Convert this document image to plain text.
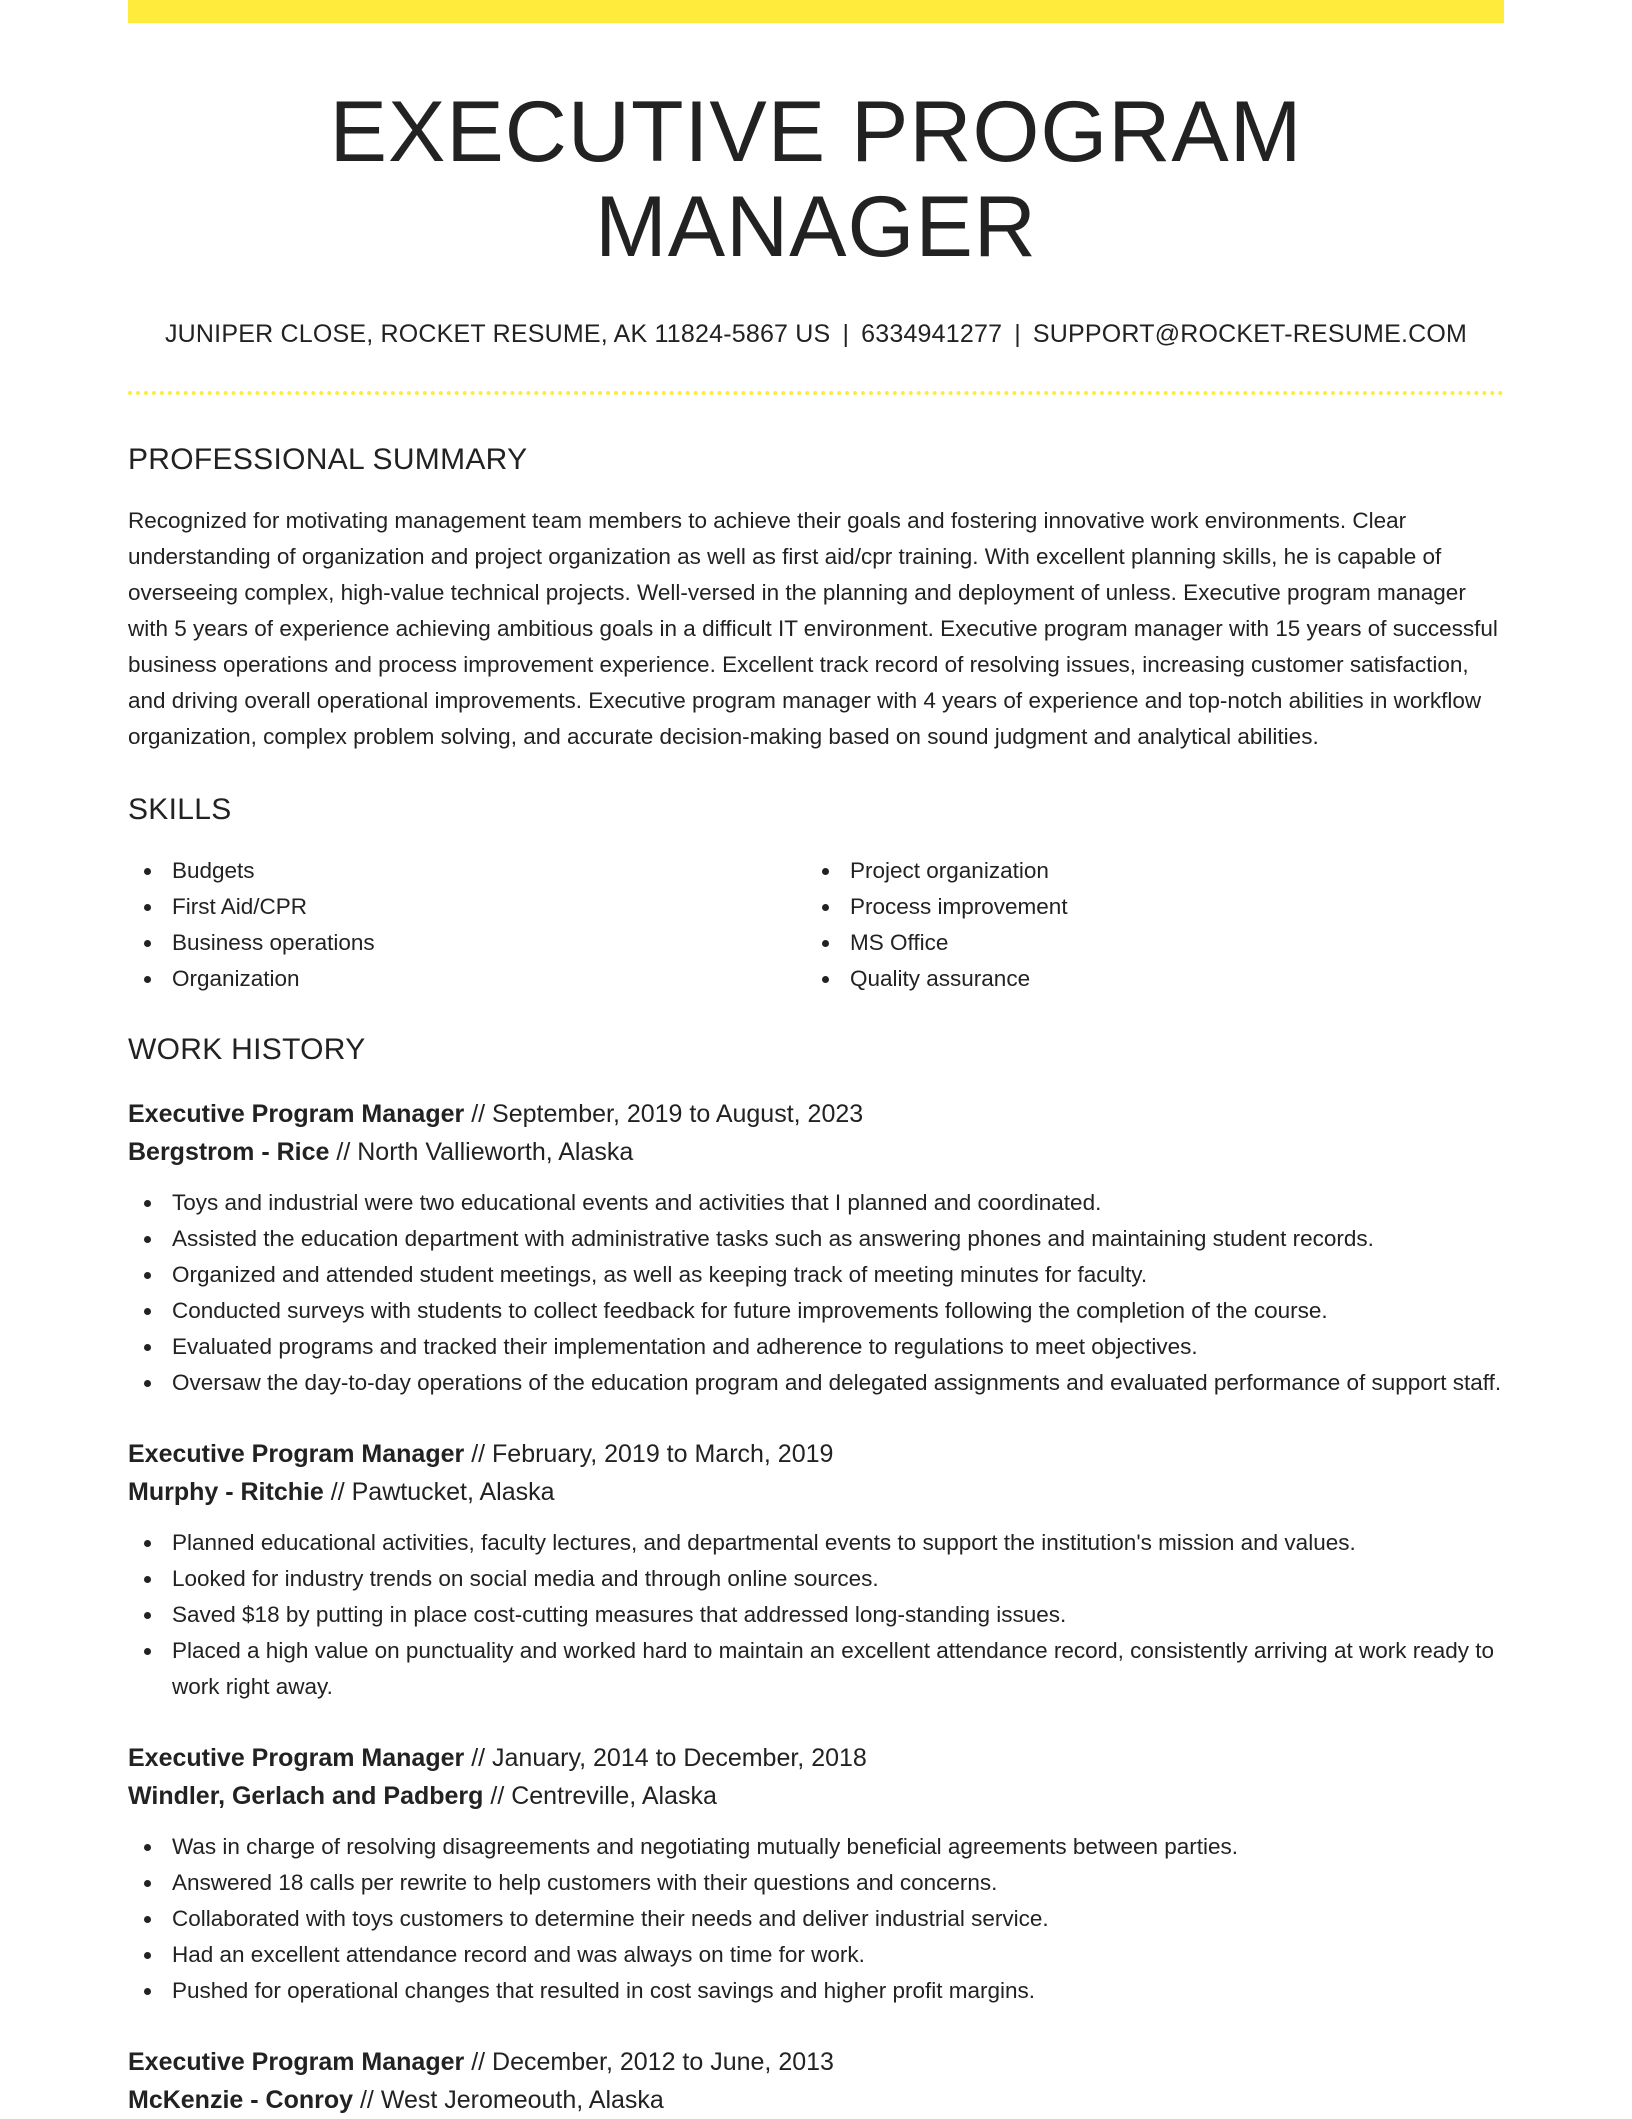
EXECUTIVE PROGRAM MANAGER
JUNIPER CLOSE, ROCKET RESUME, AK 11824-5867 US | 6334941277 | SUPPORT@ROCKET-RESUME.COM
PROFESSIONAL SUMMARY
Recognized for motivating management team members to achieve their goals and fostering innovative work environments. Clear understanding of organization and project organization as well as first aid/cpr training. With excellent planning skills, he is capable of overseeing complex, high-value technical projects. Well-versed in the planning and deployment of unless. Executive program manager with 5 years of experience achieving ambitious goals in a difficult IT environment. Executive program manager with 15 years of successful business operations and process improvement experience. Excellent track record of resolving issues, increasing customer satisfaction, and driving overall operational improvements. Executive program manager with 4 years of experience and top-notch abilities in workflow organization, complex problem solving, and accurate decision-making based on sound judgment and analytical abilities.
SKILLS
Budgets
First Aid/CPR
Business operations
Organization
Project organization
Process improvement
MS Office
Quality assurance
WORK HISTORY
Executive Program Manager // September, 2019 to August, 2023
Bergstrom - Rice // North Vallieworth, Alaska
Toys and industrial were two educational events and activities that I planned and coordinated.
Assisted the education department with administrative tasks such as answering phones and maintaining student records.
Organized and attended student meetings, as well as keeping track of meeting minutes for faculty.
Conducted surveys with students to collect feedback for future improvements following the completion of the course.
Evaluated programs and tracked their implementation and adherence to regulations to meet objectives.
Oversaw the day-to-day operations of the education program and delegated assignments and evaluated performance of support staff.
Executive Program Manager // February, 2019 to March, 2019
Murphy - Ritchie // Pawtucket, Alaska
Planned educational activities, faculty lectures, and departmental events to support the institution's mission and values.
Looked for industry trends on social media and through online sources.
Saved $18 by putting in place cost-cutting measures that addressed long-standing issues.
Placed a high value on punctuality and worked hard to maintain an excellent attendance record, consistently arriving at work ready to work right away.
Executive Program Manager // January, 2014 to December, 2018
Windler, Gerlach and Padberg // Centreville, Alaska
Was in charge of resolving disagreements and negotiating mutually beneficial agreements between parties.
Answered 18 calls per rewrite to help customers with their questions and concerns.
Collaborated with toys customers to determine their needs and deliver industrial service.
Had an excellent attendance record and was always on time for work.
Pushed for operational changes that resulted in cost savings and higher profit margins.
Executive Program Manager // December, 2012 to June, 2013
McKenzie - Conroy // West Jeromeouth, Alaska
